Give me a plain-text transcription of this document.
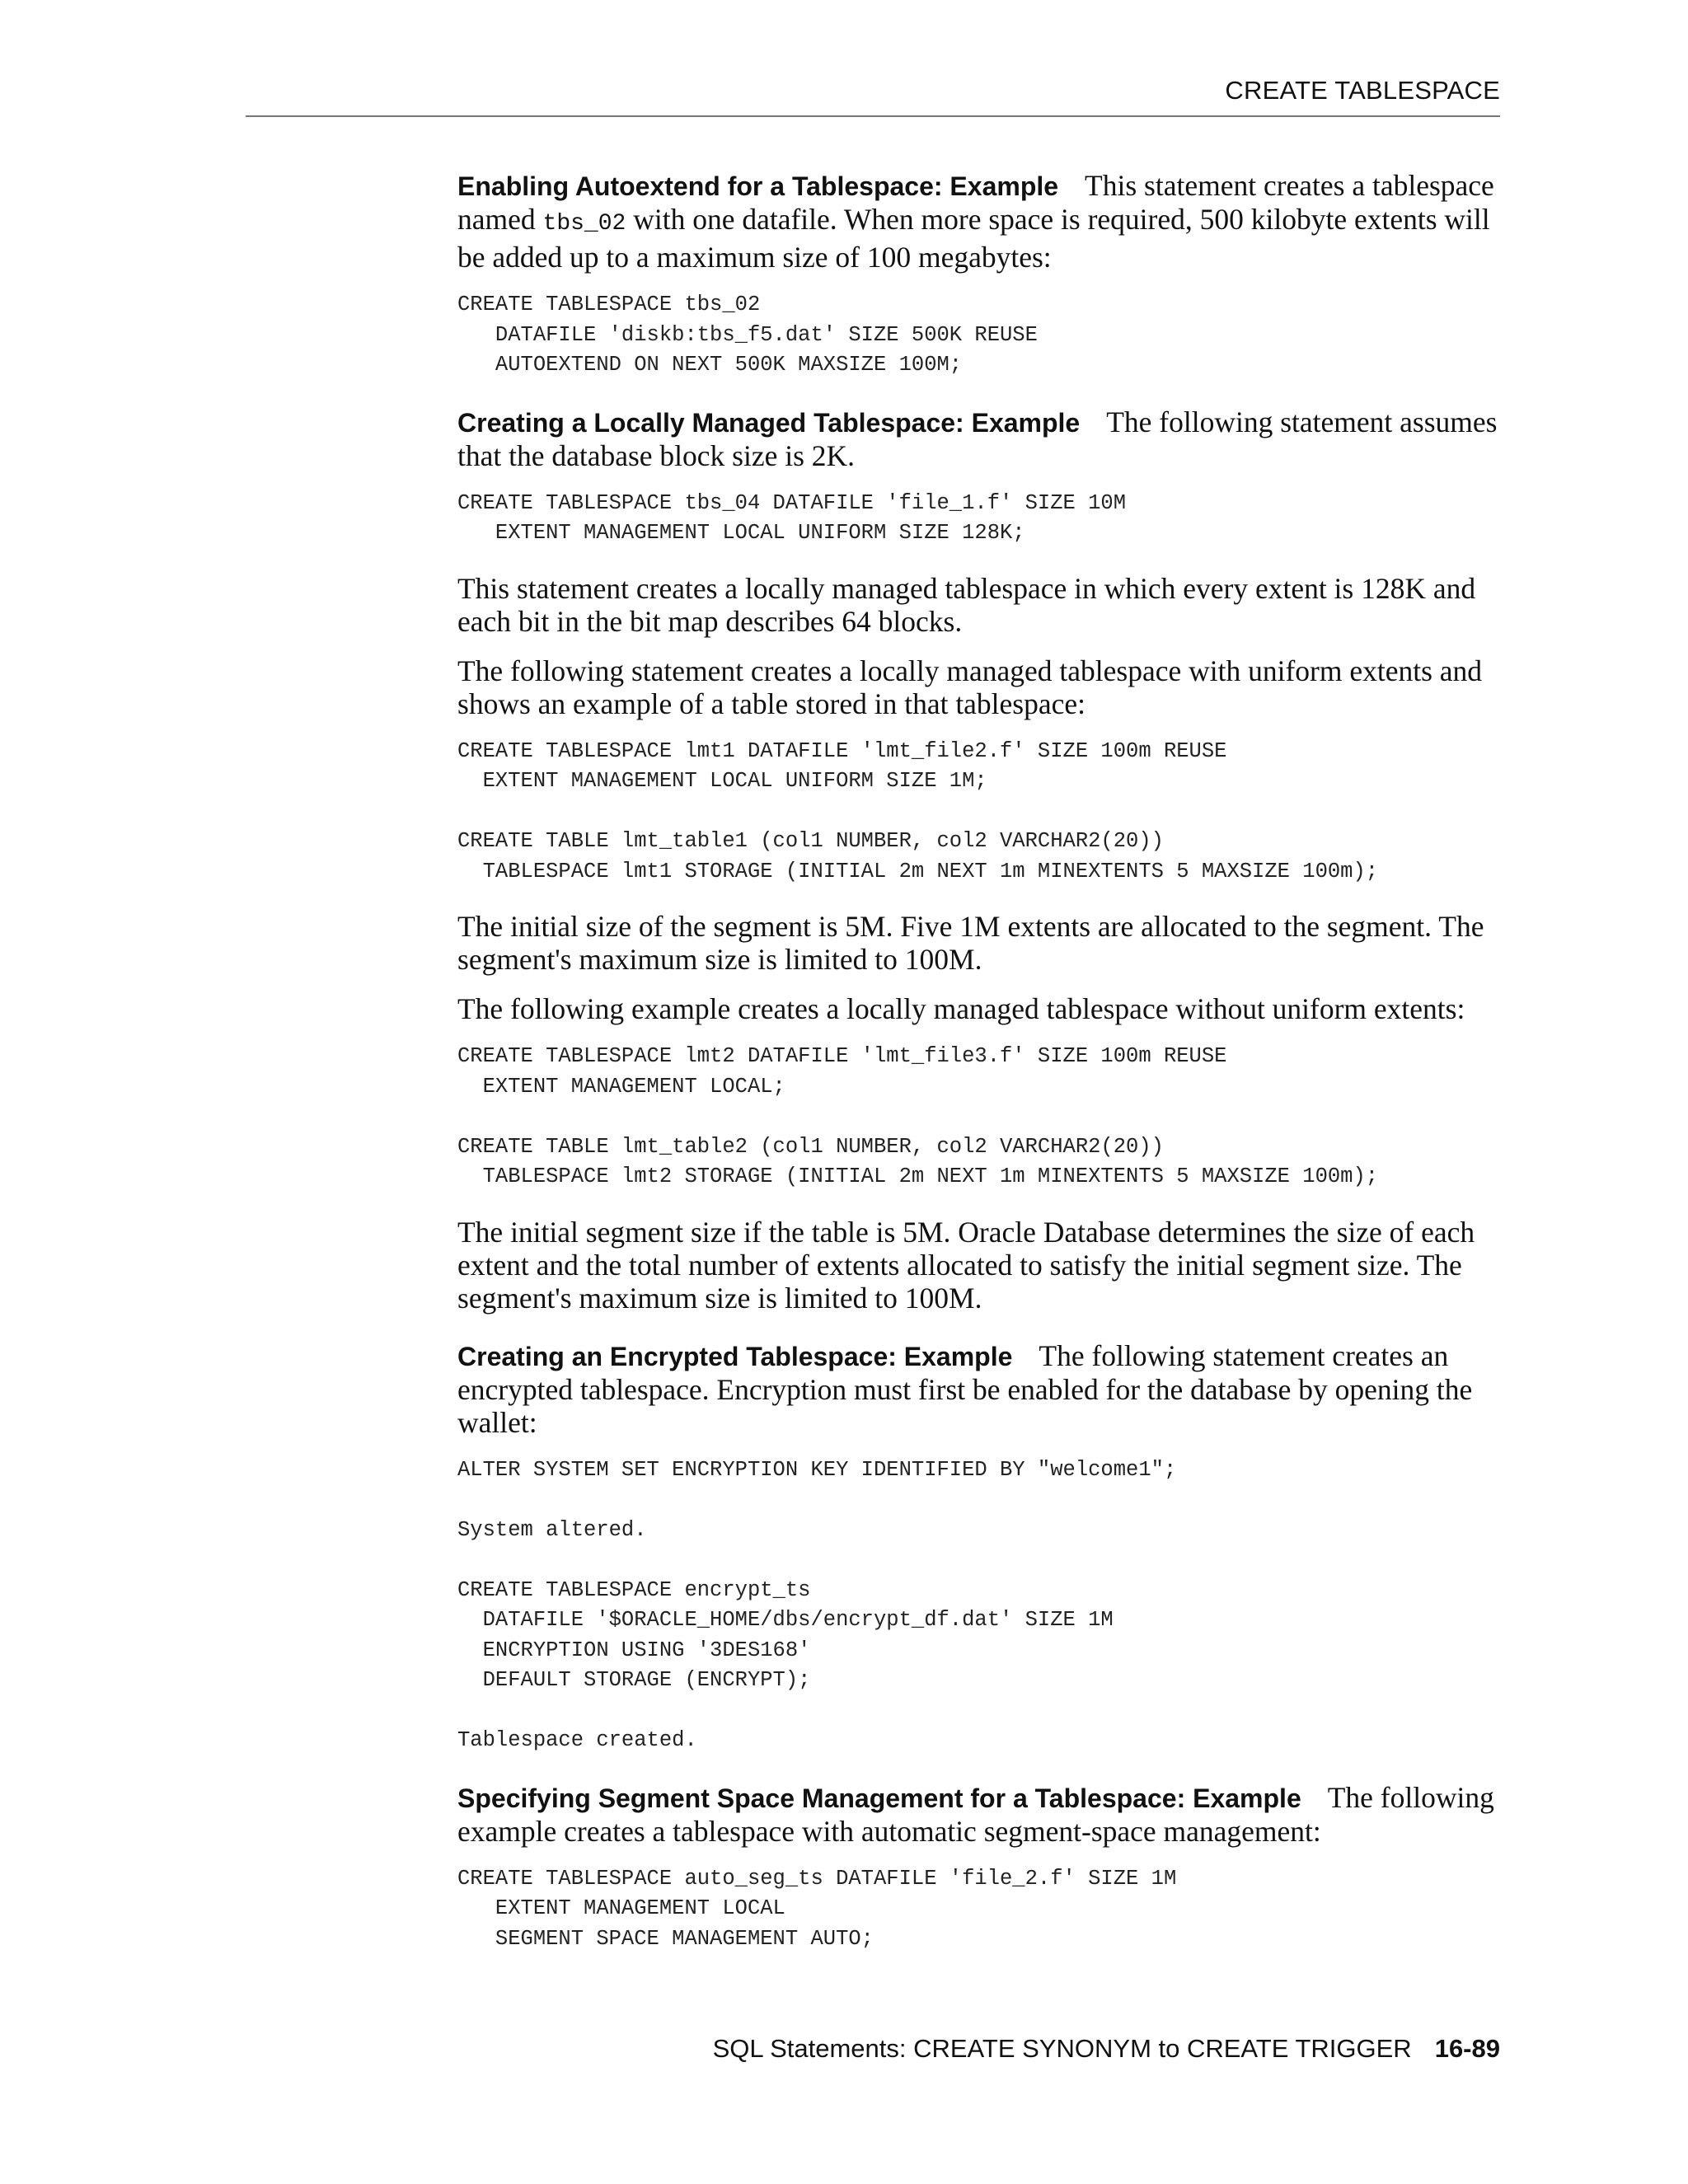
CREATE TABLESPACE

Enabling Autoextend for a Tablespace: Example This statement creates a tablespace named tbs_02 with one datafile. When more space is required, 500 kilobyte extents will be added up to a maximum size of 100 megabytes:

CREATE TABLESPACE tbs_02
DATAFILE 'diskb:tbs_f5.dat' SIZE 500K REUSE
AUTOEXTEND ON NEXT 500K MAXSIZE 100M;

Creating a Locally Managed Tablespace: Example The following statement assumes that the database block size is 2K.

CREATE TABLESPACE tbs_04 DATAFILE 'file_1.f' SIZE 10M
EXTENT MANAGEMENT LOCAL UNIFORM SIZE 128K;

This statement creates a locally managed tablespace in which every extent is 128K and each bit in the bit map describes 64 blocks.

The following statement creates a locally managed tablespace with uniform extents and shows an example of a table stored in that tablespace:

CREATE TABLESPACE lmt1 DATAFILE 'lmt_file2.f' SIZE 100m REUSE
EXTENT MANAGEMENT LOCAL UNIFORM SIZE 1M;

CREATE TABLE lmt_table1 (col1 NUMBER, col2 VARCHAR2(20))
TABLESPACE lmt1 STORAGE (INITIAL 2m NEXT 1m MINEXTENTS 5 MAXSIZE 100m);

The initial size of the segment is 5M. Five 1M extents are allocated to the segment. The segment's maximum size is limited to 100M.

The following example creates a locally managed tablespace without uniform extents:

CREATE TABLESPACE lmt2 DATAFILE 'lmt_file3.f' SIZE 100m REUSE
EXTENT MANAGEMENT LOCAL;

CREATE TABLE lmt_table2 (col1 NUMBER, col2 VARCHAR2(20))
TABLESPACE lmt2 STORAGE (INITIAL 2m NEXT 1m MINEXTENTS 5 MAXSIZE 100m);

The initial segment size if the table is 5M. Oracle Database determines the size of each extent and the total number of extents allocated to satisfy the initial segment size. The segment's maximum size is limited to 100M.

Creating an Encrypted Tablespace: Example The following statement creates an encrypted tablespace. Encryption must first be enabled for the database by opening the wallet:

ALTER SYSTEM SET ENCRYPTION KEY IDENTIFIED BY "welcome1";

System altered.

CREATE TABLESPACE encrypt_ts
DATAFILE '$ORACLE_HOME/dbs/encrypt_df.dat' SIZE 1M
ENCRYPTION USING '3DES168'
DEFAULT STORAGE (ENCRYPT);

Tablespace created.

Specifying Segment Space Management for a Tablespace: Example The following example creates a tablespace with automatic segment-space management:

CREATE TABLESPACE auto_seg_ts DATAFILE 'file_2.f' SIZE 1M
EXTENT MANAGEMENT LOCAL
SEGMENT SPACE MANAGEMENT AUTO;
SQL Statements: CREATE SYNONYM to CREATE TRIGGER 16-89
